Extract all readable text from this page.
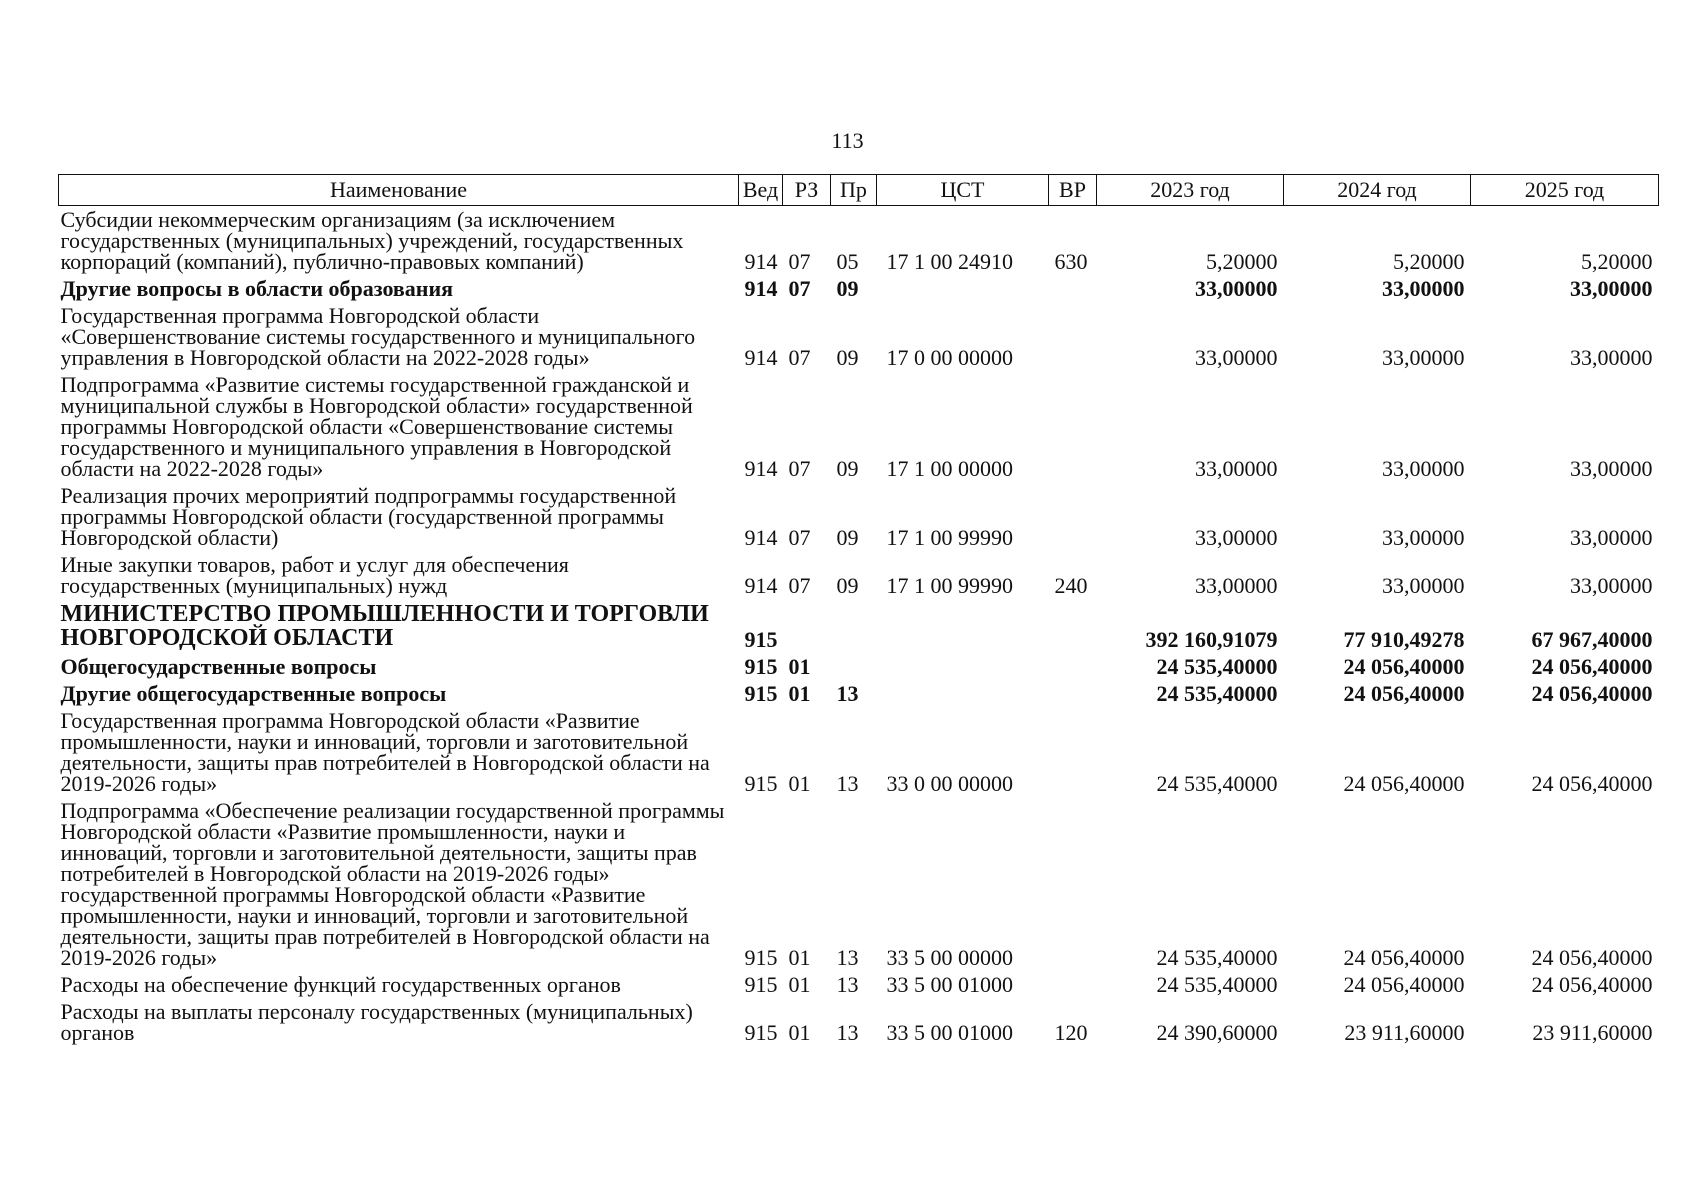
113
Наименование	Вед	РЗ	Пр	ЦСТ	ВР	2023 год	2024 год	2025 год
Субсидии некоммерческим организациям (за исключением государственных (муниципальных) учреждений, государственных корпораций (компаний), публично-правовых компаний)	914	07	05	17 1 00 24910	630	5,20000	5,20000	5,20000
Другие вопросы в области образования	914	07	09			33,00000	33,00000	33,00000
Государственная программа Новгородской области «Совершенствование системы государственного и муниципального управления в Новгородской области на 2022-2028 годы»	914	07	09	17 0 00 00000		33,00000	33,00000	33,00000
Подпрограмма «Развитие системы государственной гражданской и муниципальной службы в Новгородской области» государственной программы Новгородской области «Совершенствование системы государственного и муниципального управления в Новгородской области на 2022-2028 годы»	914	07	09	17 1 00 00000		33,00000	33,00000	33,00000
Реализация прочих мероприятий подпрограммы государственной программы Новгородской области (государственной программы Новгородской области)	914	07	09	17 1 00 99990		33,00000	33,00000	33,00000
Иные закупки товаров, работ и услуг для обеспечения государственных (муниципальных) нужд	914	07	09	17 1 00 99990	240	33,00000	33,00000	33,00000
МИНИСТЕРСТВО ПРОМЫШЛЕННОСТИ И ТОРГОВЛИ НОВГОРОДСКОЙ ОБЛАСТИ	915					392 160,91079	77 910,49278	67 967,40000
Общегосударственные вопросы	915	01				24 535,40000	24 056,40000	24 056,40000
Другие общегосударственные вопросы	915	01	13			24 535,40000	24 056,40000	24 056,40000
Государственная программа Новгородской области «Развитие промышленности, науки и инноваций, торговли и заготовительной деятельности, защиты прав потребителей в Новгородской области на 2019-2026 годы»	915	01	13	33 0 00 00000		24 535,40000	24 056,40000	24 056,40000
Подпрограмма «Обеспечение реализации государственной программы Новгородской области «Развитие промышленности, науки и инноваций, торговли и заготовительной деятельности, защиты прав потребителей в Новгородской области на 2019-2026 годы» государственной программы Новгородской области «Развитие промышленности, науки и инноваций, торговли и заготовительной деятельности, защиты прав потребителей в Новгородской области на 2019-2026 годы»	915	01	13	33 5 00 00000		24 535,40000	24 056,40000	24 056,40000
Расходы на обеспечение функций государственных органов	915	01	13	33 5 00 01000		24 535,40000	24 056,40000	24 056,40000
Расходы на выплаты персоналу государственных (муниципальных) органов	915	01	13	33 5 00 01000	120	24 390,60000	23 911,60000	23 911,60000
